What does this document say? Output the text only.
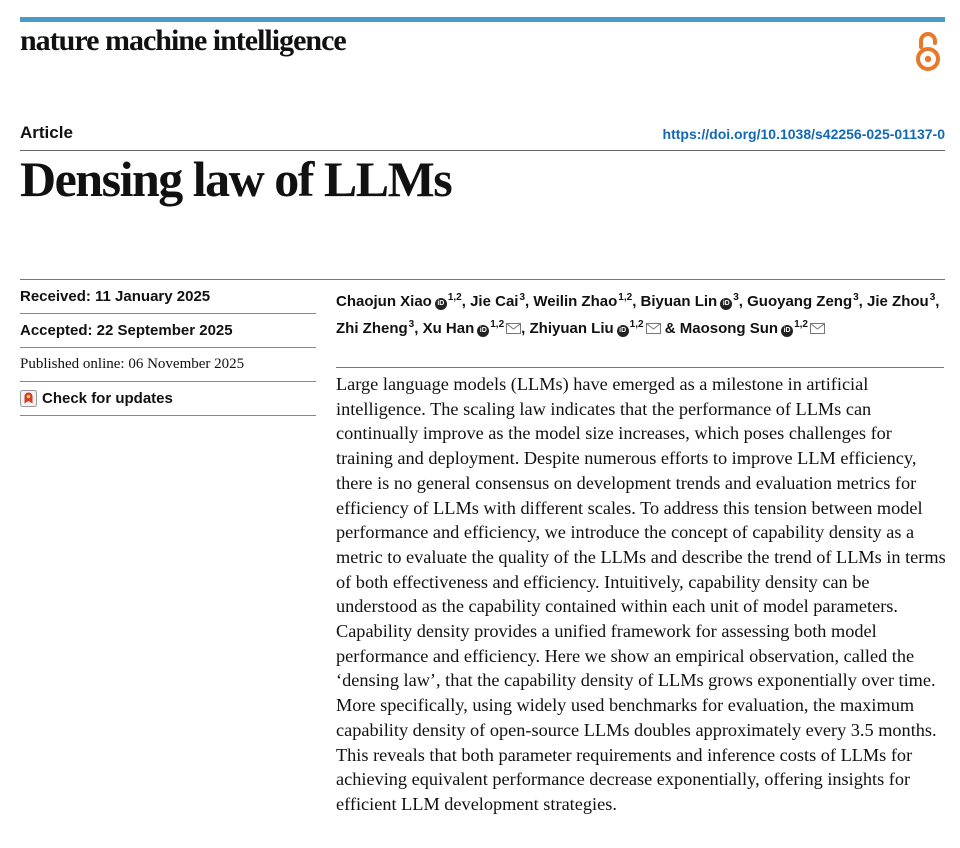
nature machine intelligence
Article	https://doi.org/10.1038/s42256-025-01137-0
Densing law of LLMs
Received: 11 January 2025
Accepted: 22 September 2025
Published online: 06 November 2025
Check for updates
Chaojun Xiao iD$^{1,2}$, Jie Cai$^3$, Weilin Zhao$^{1,2}$, Biyuan Lin iD$^3$, Guoyang Zeng$^3$, Jie Zhou$^3$, Zhi Zheng$^3$, Xu Han iD$^{1,2}$ , Zhiyuan Liu iD$^{1,2}$ & Maosong Sun iD$^{1,2}$

Large language models (LLMs) have emerged as a milestone in artificial intelligence. The scaling law indicates that the performance of LLMs can continually improve as the model size increases, which poses challenges for training and deployment. Despite numerous efforts to improve LLM efficiency, there is no general consensus on development trends and evaluation metrics for efficiency of LLMs with different scales. To address this tension between model performance and efficiency, we introduce the concept of capability density as a metric to evaluate the quality of the LLMs and describe the trend of LLMs in terms of both effectiveness and efficiency. Intuitively, capability density can be understood as the capability contained within each unit of model parameters. Capability density provides a unified framework for assessing both model performance and efficiency. Here we show an empirical observation, called the ‘densing law’, that the capability density of LLMs grows exponentially over time. More specifically, using widely used benchmarks for evaluation, the maximum capability density of open-source LLMs doubles approximately every 3.5 months. This reveals that both parameter requirements and inference costs of LLMs for achieving equivalent performance decrease exponentially, offering insights for efficient LLM development strategies.
